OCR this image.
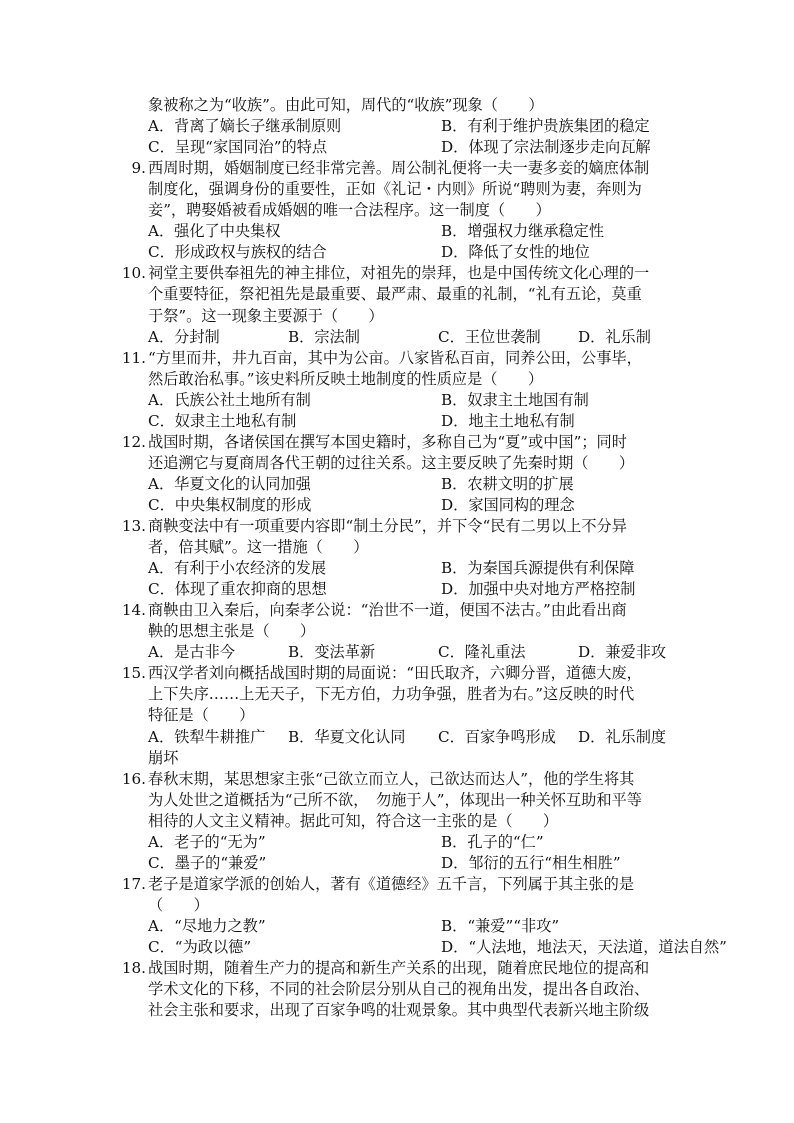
象被称之为“收族”。由此可知，周代的“收族”现象（　　）
A．背离了嫡长子继承制原则	B．有利于维护贵族集团的稳定
C．呈现“家国同治”的特点	D．体现了宗法制逐步走向瓦解
9. 西周时期，婚姻制度已经非常完善。周公制礼便将一夫一妻多妾的嫡庶体制
制度化，强调身份的重要性，正如《礼记・内则》所说“聘则为妻，奔则为
妾”，聘娶婚被看成婚姻的唯一合法程序。这一制度（　　）
A．强化了中央集权	B．增强权力继承稳定性
C．形成政权与族权的结合	D．降低了女性的地位
10. 祠堂主要供奉祖先的神主排位，对祖先的崇拜，也是中国传统文化心理的一
个重要特征，祭祀祖先是最重要、最严肃、最重的礼制，“礼有五论，莫重
于祭”。这一现象主要源于（　　）
A．分封制	B．宗法制	C．王位世袭制 D．礼乐制
11. “方里而井，井九百亩，其中为公亩。八家皆私百亩，同养公田，公事毕，
然后敢治私事。”该史料所反映土地制度的性质应是（　　）
A．氏族公社土地所有制	B．奴隶主土地国有制
C．奴隶主土地私有制	D．地主土地私有制
12. 战国时期，各诸侯国在撰写本国史籍时，多称自己为“夏”或中国”；同时
还追溯它与夏商周各代王朝的过往关系。这主要反映了先秦时期（　　）
A．华夏文化的认同加强	B．农耕文明的扩展
C．中央集权制度的形成	D．家国同构的理念
13. 商鞅变法中有一项重要内容即“制土分民”，并下令“民有二男以上不分异
者，倍其赋”。这一措施（　　）
A．有利于小农经济的发展	B．为秦国兵源提供有利保障
C．体现了重农抑商的思想	D．加强中央对地方严格控制
14. 商鞅由卫入秦后，向秦孝公说：“治世不一道，便国不法古。”由此看出商
鞅的思想主张是（　　）
A．是古非今	B．变法革新	C．隆礼重法	D．兼爱非攻
15. 西汉学者刘向概括战国时期的局面说：“田氏取齐，六卿分晋，道德大废，
上下失序……上无天子，下无方伯，力功争强，胜者为右。”这反映的时代
特征是（　　）
A．铁犁牛耕推广 B．华夏文化认同 C．百家争鸣形成 D．礼乐制度
崩坏
16. 春秋末期，某思想家主张“己欲立而立人，己欲达而达人”，他的学生将其
为人处世之道概括为“己所不欲，　勿施于人”，体现出一种关怀互助和平等
相待的人文主义精神。据此可知，符合这一主张的是（　　）
A．老子的“无为”	B．孔子的“仁”
C．墨子的“兼爱”	D．邹衍的五行“相生相胜”
17. 老子是道家学派的创始人，著有《道德经》五千言，下列属于其主张的是
（　　）
A．“尽地力之教”	B．“兼爱”“非攻”
C．“为政以德”	D．“人法地，地法天，天法道，道法自然”
18. 战国时期，随着生产力的提高和新生产关系的出现，随着庶民地位的提高和
学术文化的下移，不同的社会阶层分别从自己的视角出发，提出各自政治、
社会主张和要求，出现了百家争鸣的壮观景象。其中典型代表新兴地主阶级
